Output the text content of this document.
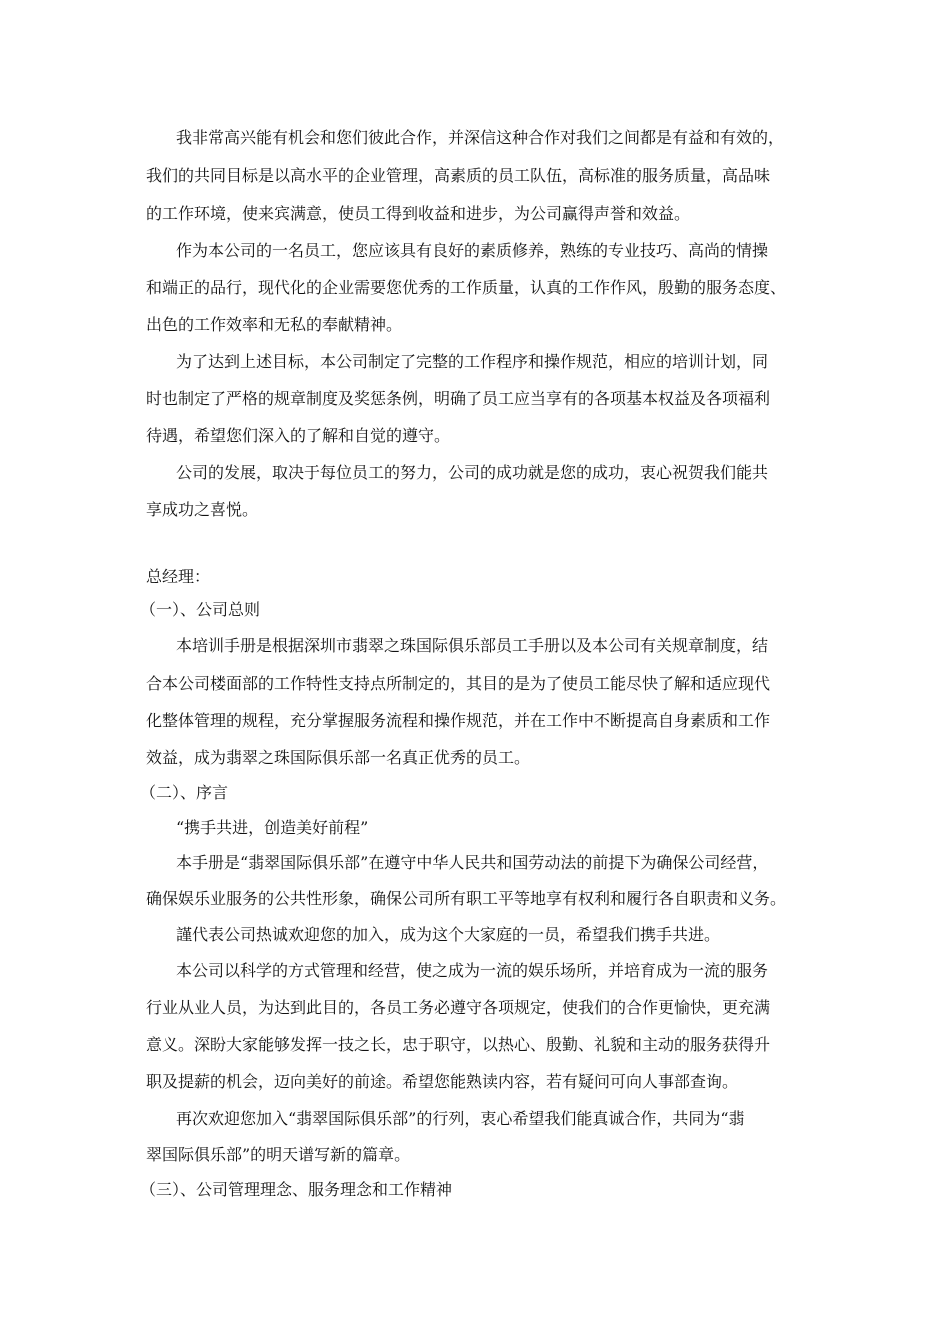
我非常高兴能有机会和您们彼此合作，并深信这种合作对我们之间都是有益和有效的，
我们的共同目标是以高水平的企业管理，高素质的员工队伍，高标准的服务质量，高品味
的工作环境，使来宾满意，使员工得到收益和进步，为公司赢得声誉和效益。
作为本公司的一名员工，您应该具有良好的素质修养，熟练的专业技巧、高尚的情操
和端正的品行，现代化的企业需要您优秀的工作质量，认真的工作作风，殷勤的服务态度、
出色的工作效率和无私的奉献精神。
为了达到上述目标，本公司制定了完整的工作程序和操作规范，相应的培训计划，同
时也制定了严格的规章制度及奖惩条例，明确了员工应当享有的各项基本权益及各项福利
待遇，希望您们深入的了解和自觉的遵守。
公司的发展，取决于每位员工的努力，公司的成功就是您的成功，衷心祝贺我们能共
享成功之喜悦。
总经理：
（一）、公司总则
本培训手册是根据深圳市翡翠之珠国际俱乐部员工手册以及本公司有关规章制度，结
合本公司楼面部的工作特性支持点所制定的，其目的是为了使员工能尽快了解和适应现代
化整体管理的规程，充分掌握服务流程和操作规范，并在工作中不断提高自身素质和工作
效益，成为翡翠之珠国际俱乐部一名真正优秀的员工。
（二）、序言
“携手共进，创造美好前程”
本手册是“翡翠国际俱乐部”在遵守中华人民共和国劳动法的前提下为确保公司经营，
确保娱乐业服务的公共性形象，确保公司所有职工平等地享有权利和履行各自职责和义务。
謹代表公司热诚欢迎您的加入，成为这个大家庭的一员，希望我们携手共进。
本公司以科学的方式管理和经营，使之成为一流的娱乐场所，并培育成为一流的服务
行业从业人员，为达到此目的，各员工务必遵守各项规定，使我们的合作更愉快，更充满
意义。深盼大家能够发挥一技之长，忠于职守，以热心、殷勤、礼貌和主动的服务获得升
职及提薪的机会，迈向美好的前途。希望您能熟读内容，若有疑问可向人事部查询。
再次欢迎您加入“翡翠国际俱乐部”的行列，衷心希望我们能真诚合作，共同为“翡
翠国际俱乐部”的明天谱写新的篇章。
（三）、公司管理理念、服务理念和工作精神
